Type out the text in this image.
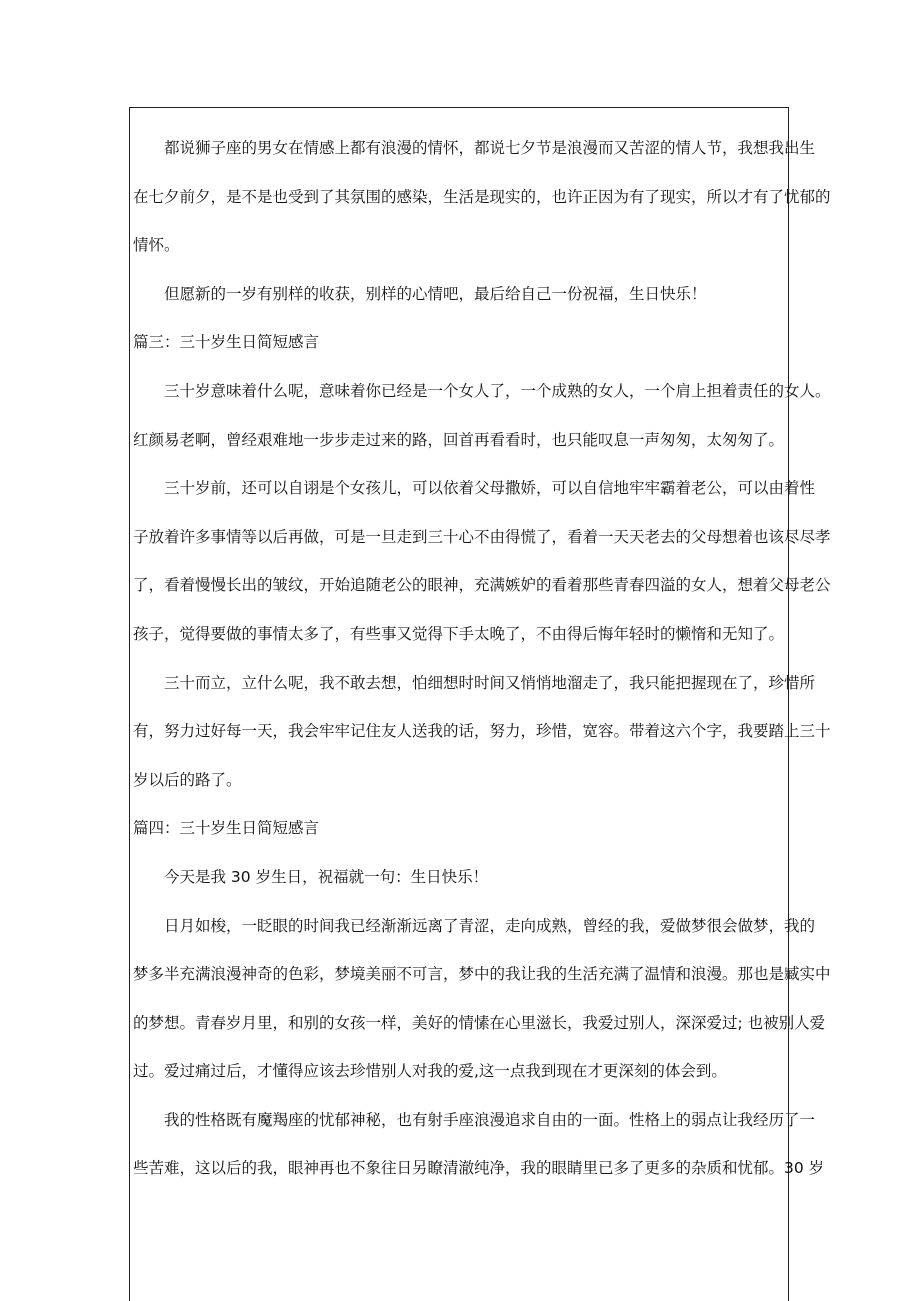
都说狮子座的男女在情感上都有浪漫的情怀，都说七夕节是浪漫而又苦涩的情人节，我想我出生
在七夕前夕，是不是也受到了其氛围的感染，生活是现实的，也许正因为有了现实，所以才有了忧郁的
情怀。
但愿新的一岁有别样的收获，别样的心情吧，最后给自己一份祝福，生日快乐！
篇三：三十岁生日简短感言
三十岁意味着什么呢，意味着你已经是一个女人了，一个成熟的女人，一个肩上担着责任的女人。
红颜易老啊，曾经艰难地一步步走过来的路，回首再看看时，也只能叹息一声匆匆，太匆匆了。
三十岁前，还可以自诩是个女孩儿，可以依着父母撒娇，可以自信地牢牢霸着老公，可以由着性
子放着许多事情等以后再做，可是一旦走到三十心不由得慌了，看着一天天老去的父母想着也该尽尽孝
了，看着慢慢长出的皱纹，开始追随老公的眼神，充满嫉妒的看着那些青春四溢的女人，想着父母老公
孩子，觉得要做的事情太多了，有些事又觉得下手太晚了，不由得后悔年轻时的懒惰和无知了。
三十而立，立什么呢，我不敢去想，怕细想时时间又悄悄地溜走了，我只能把握现在了，珍惜所
有，努力过好每一天，我会牢牢记住友人送我的话，努力，珍惜，宽容。带着这六个字，我要踏上三十
岁以后的路了。
篇四：三十岁生日简短感言
今天是我 30 岁生日，祝福就一句：生日快乐！
日月如梭，一眨眼的时间我已经渐渐远离了青涩，走向成熟，曾经的我，爱做梦很会做梦，我的
梦多半充满浪漫神奇的色彩，梦境美丽不可言，梦中的我让我的生活充满了温情和浪漫。那也是臧实中
的梦想。青春岁月里，和别的女孩一样，美好的情愫在心里滋长，我爱过别人，深深爱过; 也被别人爱
过。爱过痛过后，才懂得应该去珍惜别人对我的爱,这一点我到现在才更深刻的体会到。
我的性格既有魔羯座的忧郁神秘，也有射手座浪漫追求自由的一面。性格上的弱点让我经历了一
些苦难，这以后的我，眼神再也不象往日另瞭清澈纯净，我的眼睛里已多了更多的杂质和忧郁。30 岁
